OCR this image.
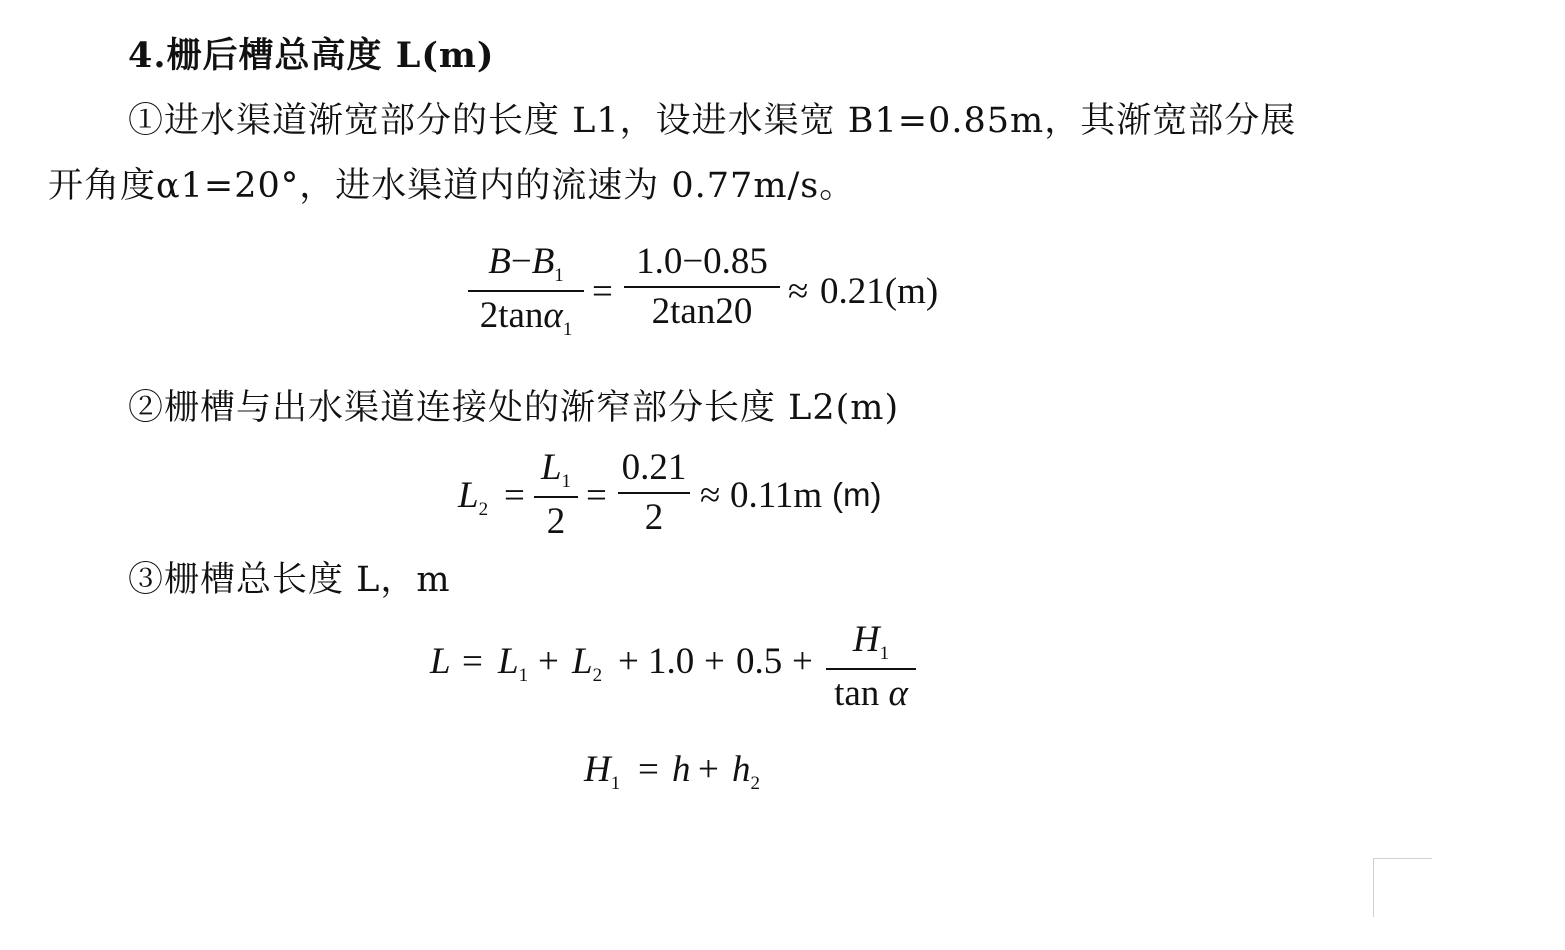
4.栅后槽总高度 L(m)
①进水渠道渐宽部分的长度 L1，设进水渠宽 B1=0.85m，其渐宽部分展
开角度α1=20°，进水渠道内的流速为 0.77m/s。
$B-B_1$
2tanα$_1$
=
1.0−0.85
2tan20 ≈ 0.21(m)
②栅槽与出水渠道连接处的渐窄部分长度 L2(m)
$L_2$ =
$L_1$
2
=
0.21
2
≈ 0.11m (m)
③栅槽总长度 L，m
$L = L_1 + L_2 + 1.0 + 0.5$ +
$H_1$
tan α
$H_1 = h + h_2$
